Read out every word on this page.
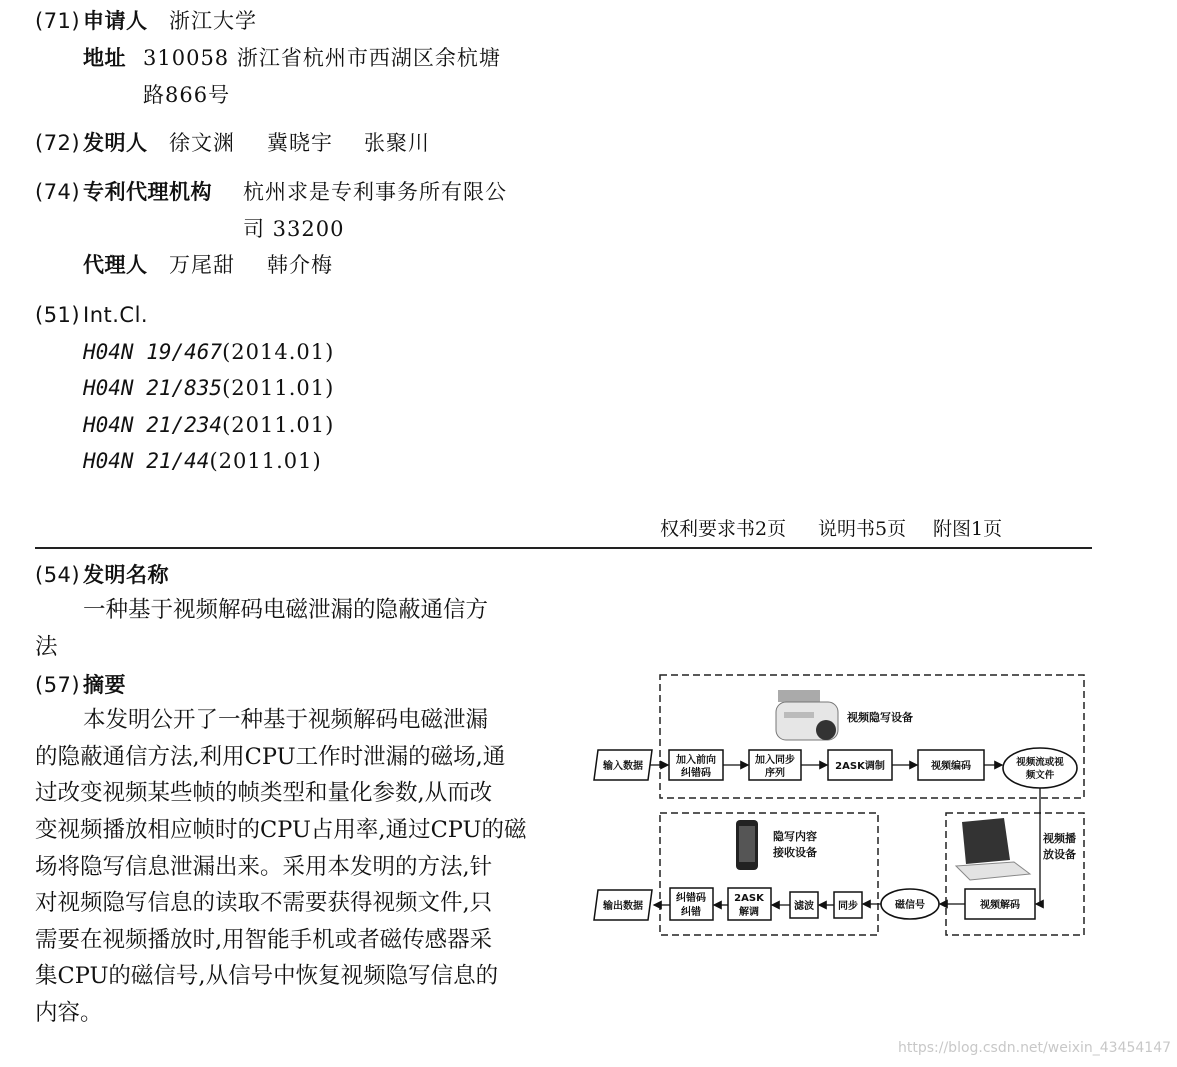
(71) 申请人 浙江大学
地址 310058 浙江省杭州市西湖区余杭塘
路866号
(72) 发明人 徐文渊 冀晓宇 张聚川
(74) 专利代理机构 杭州求是专利事务所有限公
司 33200
代理人 万尾甜 韩介梅
(51) Int.Cl.
H04N 19/467(2014.01)
H04N 21/835(2011.01)
H04N 21/234(2011.01)
H04N 21/44(2011.01)
权利要求书2页 说明书5页 附图1页
(54) 发明名称
一种基于视频解码电磁泄漏的隐蔽通信方
法
(57) 摘要
本发明公开了一种基于视频解码电磁泄漏
的隐蔽通信方法,利用CPU工作时泄漏的磁场,通
过改变视频某些帧的帧类型和量化参数,从而改
变视频播放相应帧时的CPU占用率,通过CPU的磁
场将隐写信息泄漏出来。采用本发明的方法,针
对视频隐写信息的读取不需要获得视频文件,只
需要在视频播放时,用智能手机或者磁传感器采
集CPU的磁信号,从信号中恢复视频隐写信息的
内容。
视频隐写设备
隐写内容
接收设备
视频播
放设备
输入数据
加入前向
纠错码
加入同步
序列
2ASK调制	视频编码	视频流或视
频文件
视频解码
磁信号
同步
滤波
2ASK
解调
纠错码
纠错
输出数据
https://blog.csdn.net/weixin_43454147
